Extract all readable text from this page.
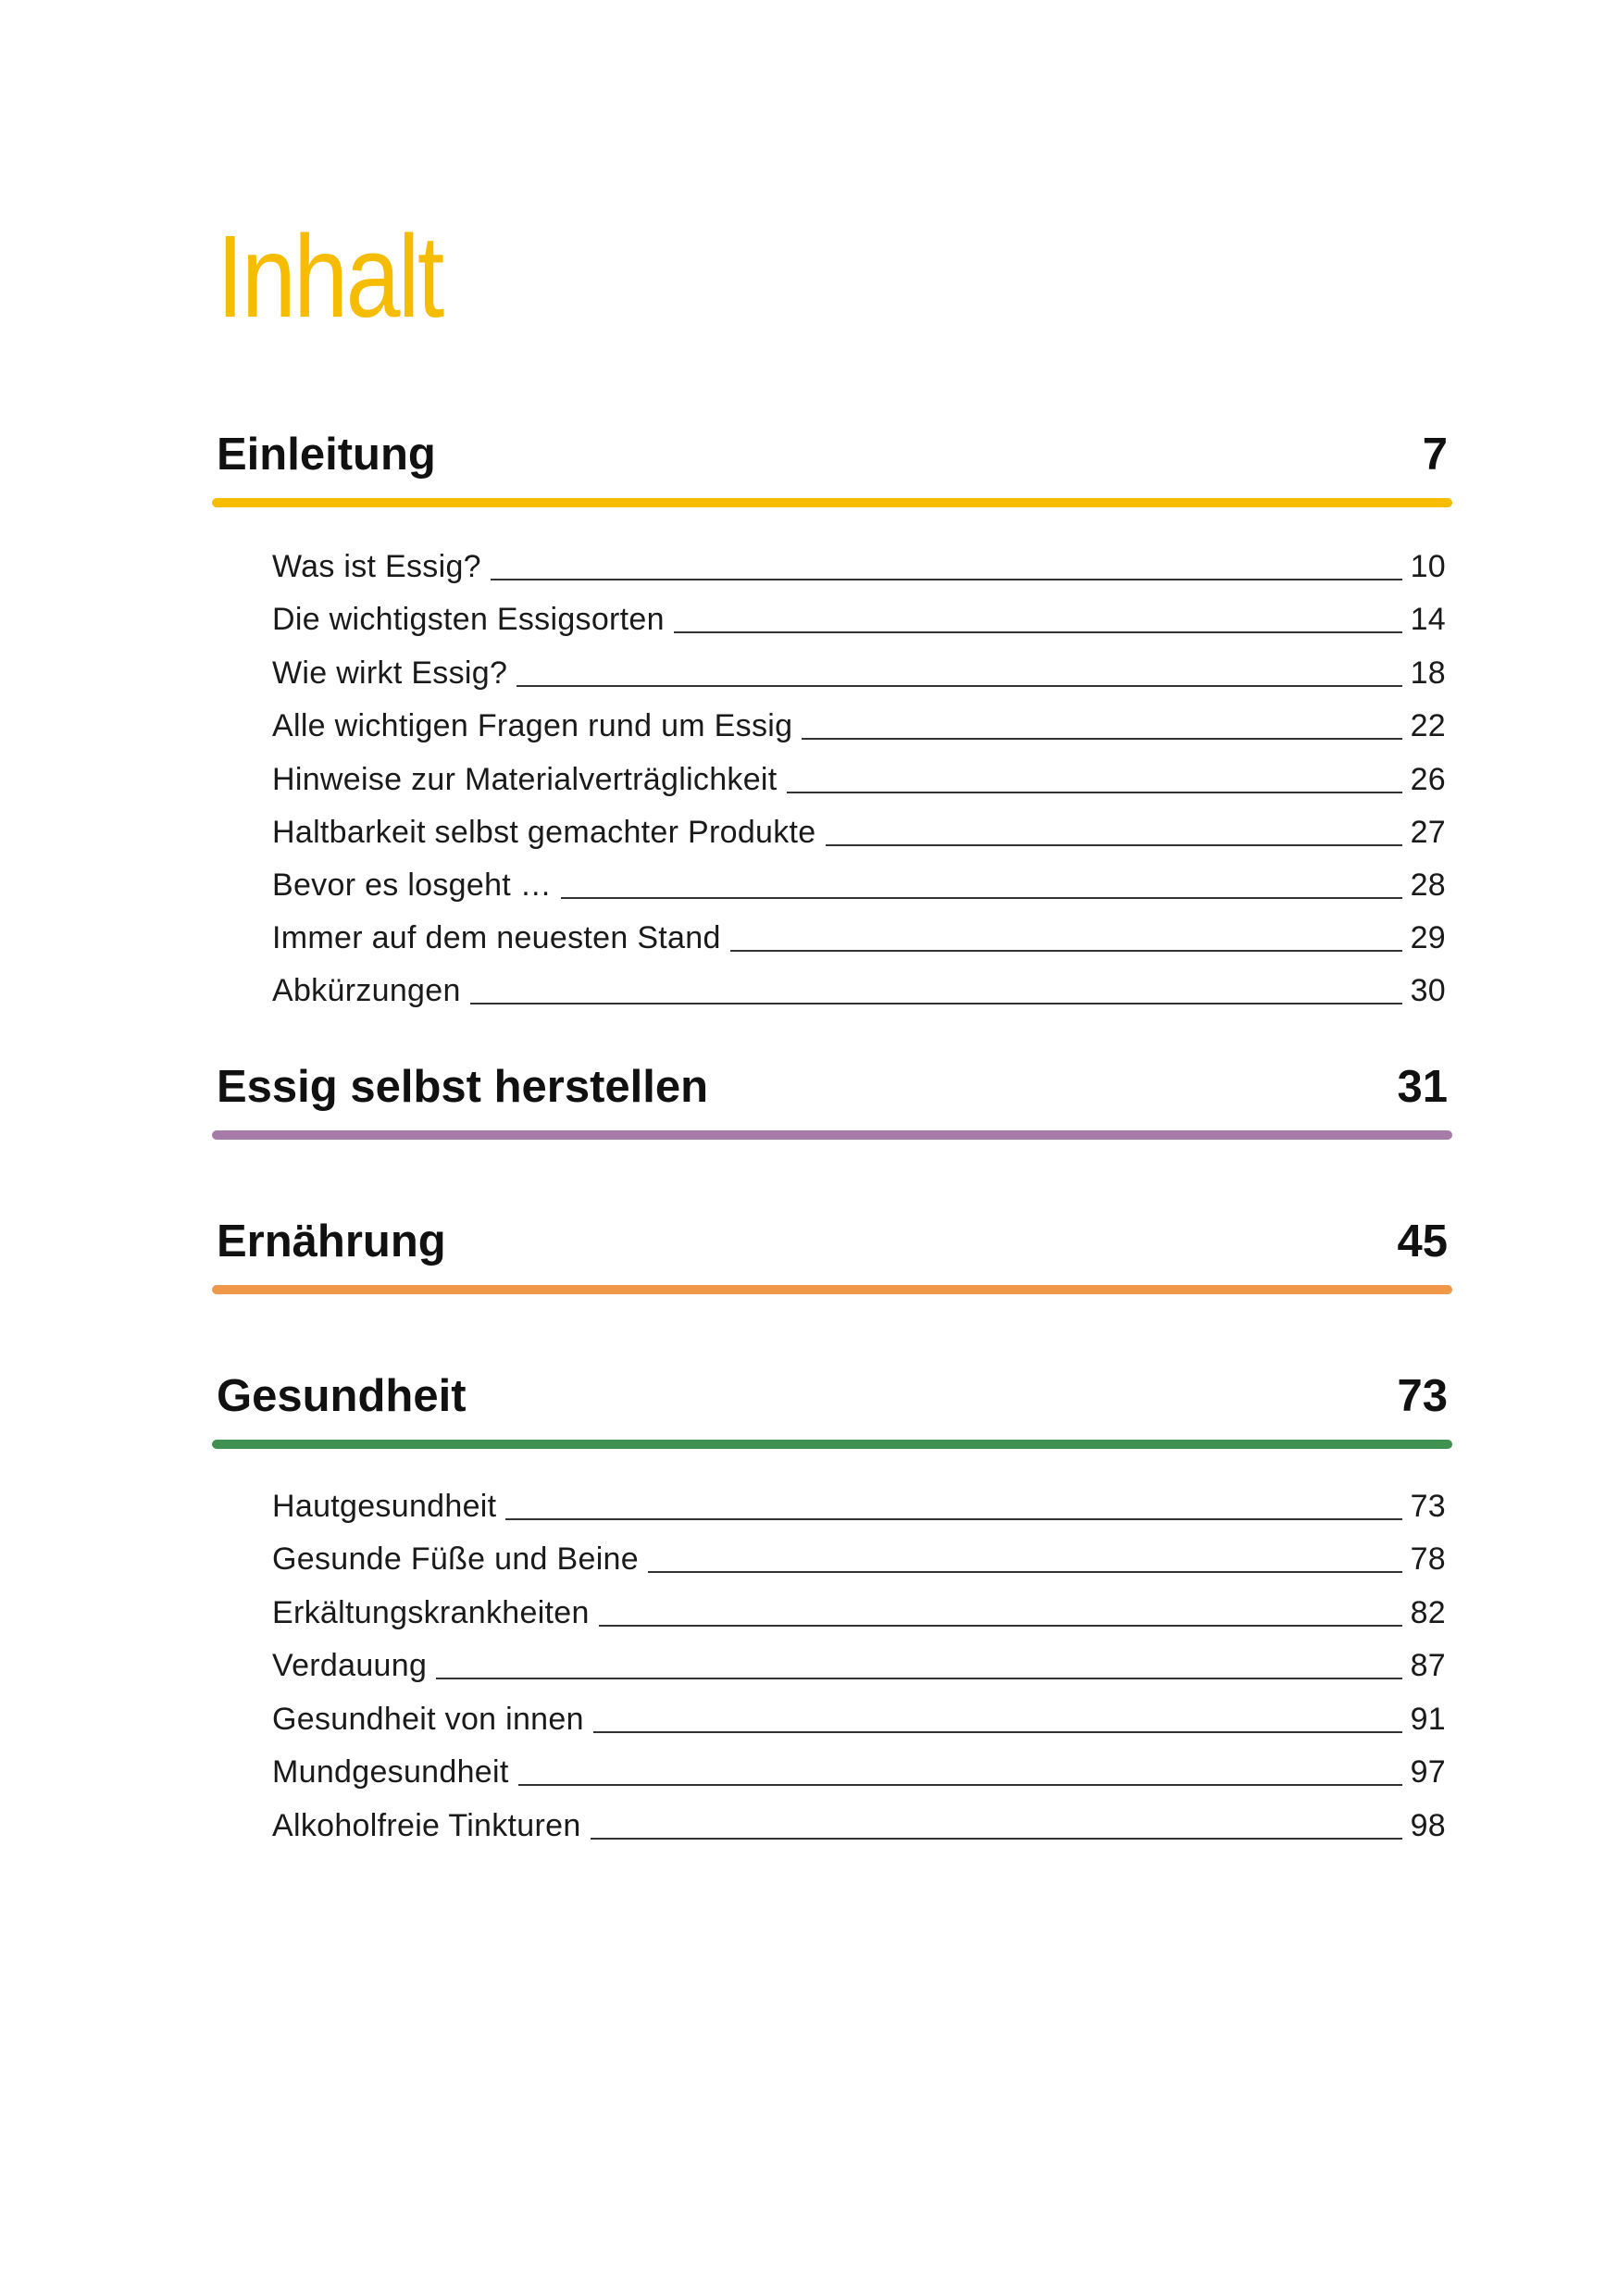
Inhalt
Einleitung	7
Was ist Essig?	10
Die wichtigsten Essigsorten	14
Wie wirkt Essig?	18
Alle wichtigen Fragen rund um Essig	22
Hinweise zur Materialverträglichkeit	26
Haltbarkeit selbst gemachter Produkte	27
Bevor es losgeht …	28
Immer auf dem neuesten Stand	29
Abkürzungen	30
Essig selbst herstellen	31
Ernährung	45
Gesundheit	73
Hautgesundheit	73
Gesunde Füße und Beine	78
Erkältungskrankheiten	82
Verdauung	87
Gesundheit von innen	91
Mundgesundheit	97
Alkoholfreie Tinkturen	98
